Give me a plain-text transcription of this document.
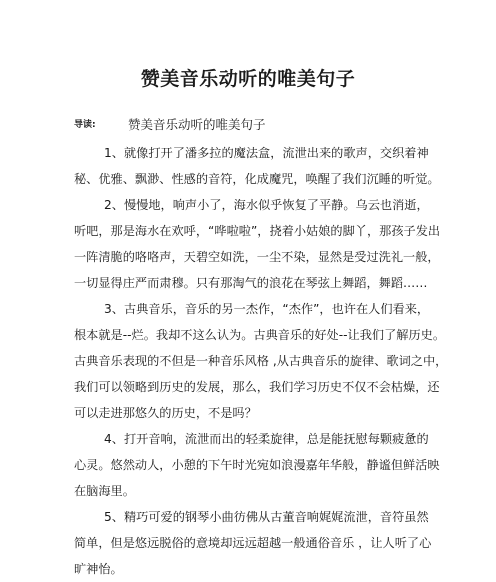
赞美音乐动听的唯美句子
导读:	$^{赞美音乐动听的唯美句子}$
1、就像打开了潘多拉的魔法盒，流泄出来的歌声，交织着神
秘、优雅、飘渺、性感的音符，化成魔咒，唤醒了我们沉睡的听觉。
2、慢慢地，响声小了，海水似乎恢复了平静。乌云也消逝，
听吧，那是海水在欢呼，“哗啦啦”，挠着小姑娘的脚丫，那孩子发出
一阵清脆的咯咯声，天碧空如洗，一尘不染，显然是受过洗礼一般，
一切显得庄严而肃穆。只有那淘气的浪花在琴弦上舞蹈，舞蹈……
3、古典音乐，音乐的另一杰作，“杰作”，也许在人们看来，
根本就是--烂。我却不这么认为。古典音乐的好处--让我们了解历史。
古典音乐表现的不但是一种音乐风格 ,从古典音乐的旋律、歌词之中，
我们可以领略到历史的发展，那么，我们学习历史不仅不会枯燥，还
可以走进那悠久的历史，不是吗？
4、打开音响，流泄而出的轻柔旋律，总是能抚慰每颗疲惫的
心灵。悠然动人，小憩的下午时光宛如浪漫嘉年华般，静谧但鲜活映
在脑海里。
5、精巧可爱的钢琴小曲彷佛从古董音响娓娓流泄，音符虽然
简单，但是悠远脱俗的意境却远远超越一般通俗音乐 ，让人听了心
旷神怡。
